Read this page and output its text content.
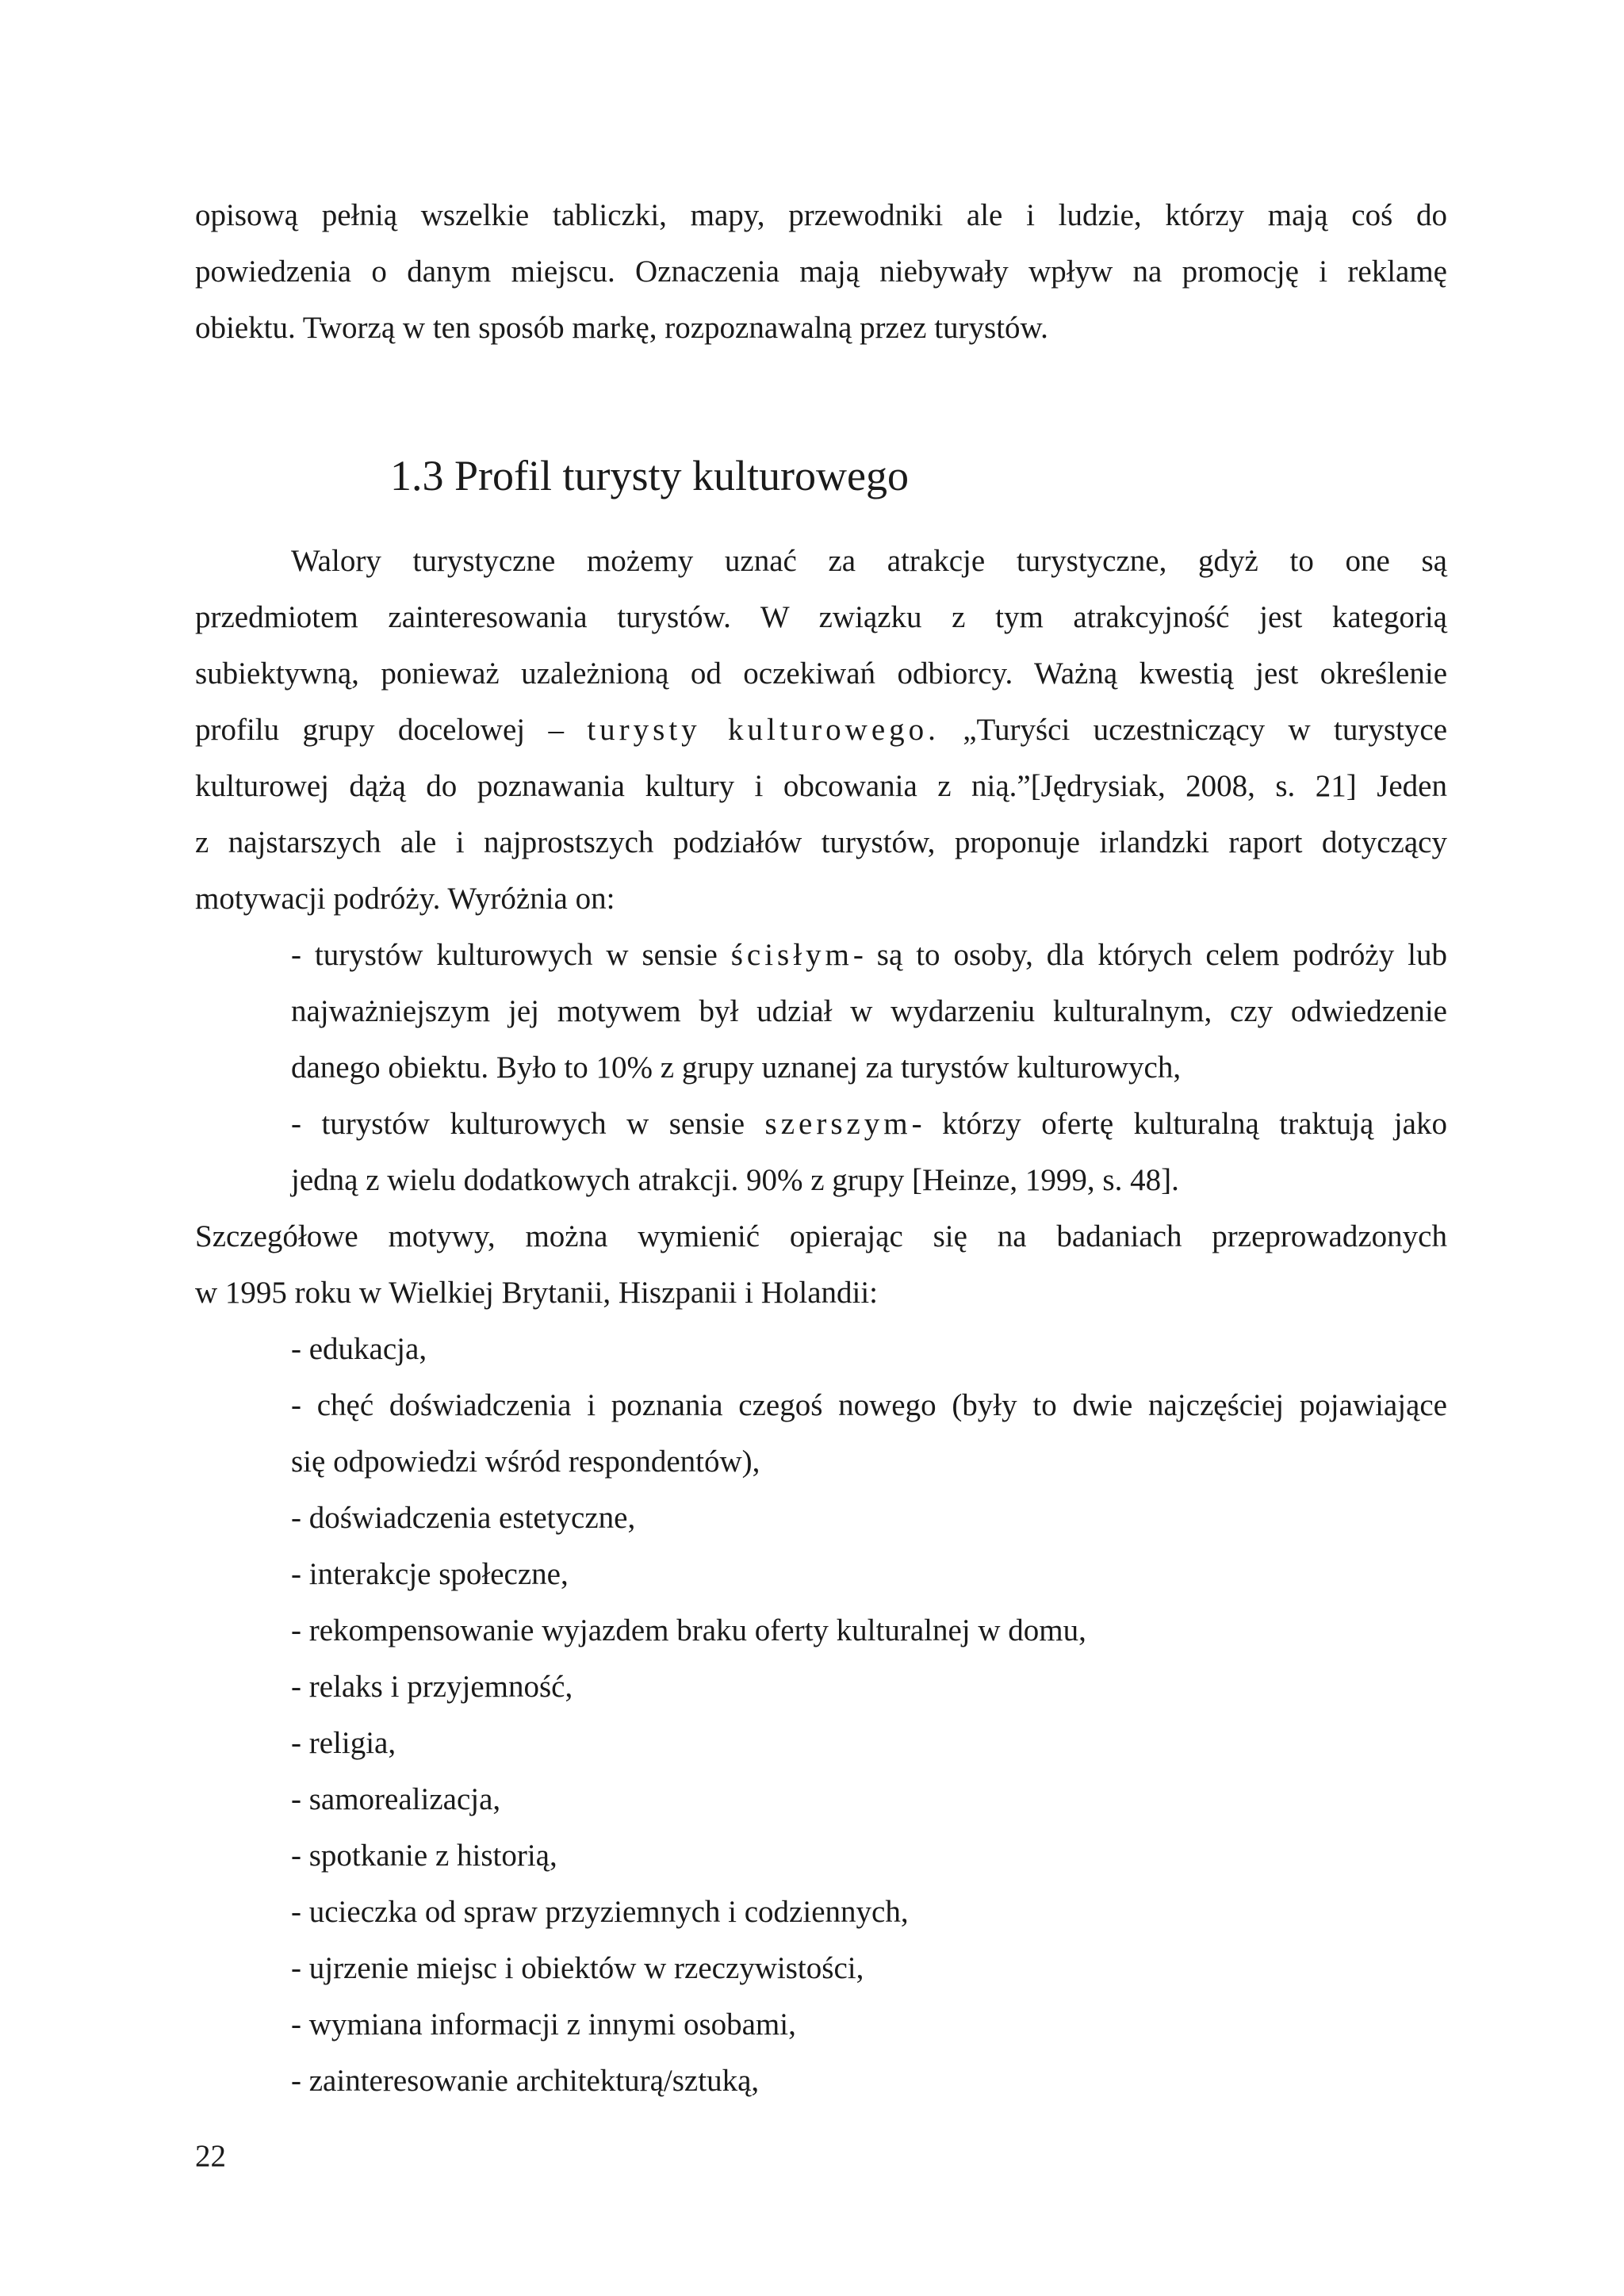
opisową pełnią wszelkie tabliczki, mapy, przewodniki ale i ludzie, którzy mają coś do

powiedzenia o danym miejscu. Oznaczenia mają niebywały wpływ na promocję i reklamę

obiektu. Tworzą w ten sposób markę, rozpoznawalną przez turystów.

1.3 Profil turysty kulturowego

Walory turystyczne możemy uznać za atrakcje turystyczne, gdyż to one są

przedmiotem zainteresowania turystów. W związku z tym atrakcyjność jest kategorią

subiektywną, ponieważ uzależnioną od oczekiwań odbiorcy. Ważną kwestią jest określenie

profilu grupy docelowej – turysty kulturowego. „Turyści uczestniczący w turystyce

kulturowej dążą do poznawania kultury i obcowania z nią.”[Jędrysiak, 2008, s. 21] Jeden

z najstarszych ale i najprostszych podziałów turystów, proponuje irlandzki raport dotyczący

motywacji podróży. Wyróżnia on:

- turystów kulturowych w sensie ścisłym- są to osoby, dla których celem podróży lub

najważniejszym jej motywem był udział w wydarzeniu kulturalnym, czy odwiedzenie

danego obiektu. Było to 10% z grupy uznanej za turystów kulturowych,

- turystów kulturowych w sensie szerszym- którzy ofertę kulturalną traktują jako

jedną z wielu dodatkowych atrakcji. 90% z grupy [Heinze, 1999, s. 48].

Szczegółowe motywy, można wymienić opierając się na badaniach przeprowadzonych

w 1995 roku w Wielkiej Brytanii, Hiszpanii i Holandii:

- edukacja,

- chęć doświadczenia i poznania czegoś nowego (były to dwie najczęściej pojawiające

się odpowiedzi wśród respondentów),

- doświadczenia estetyczne,

- interakcje społeczne,

- rekompensowanie wyjazdem braku oferty kulturalnej w domu,

- relaks i przyjemność,

- religia,

- samorealizacja,

- spotkanie z historią,

- ucieczka od spraw przyziemnych i codziennych,

- ujrzenie miejsc i obiektów w rzeczywistości,

- wymiana informacji z innymi osobami,

- zainteresowanie architekturą/sztuką,

22
